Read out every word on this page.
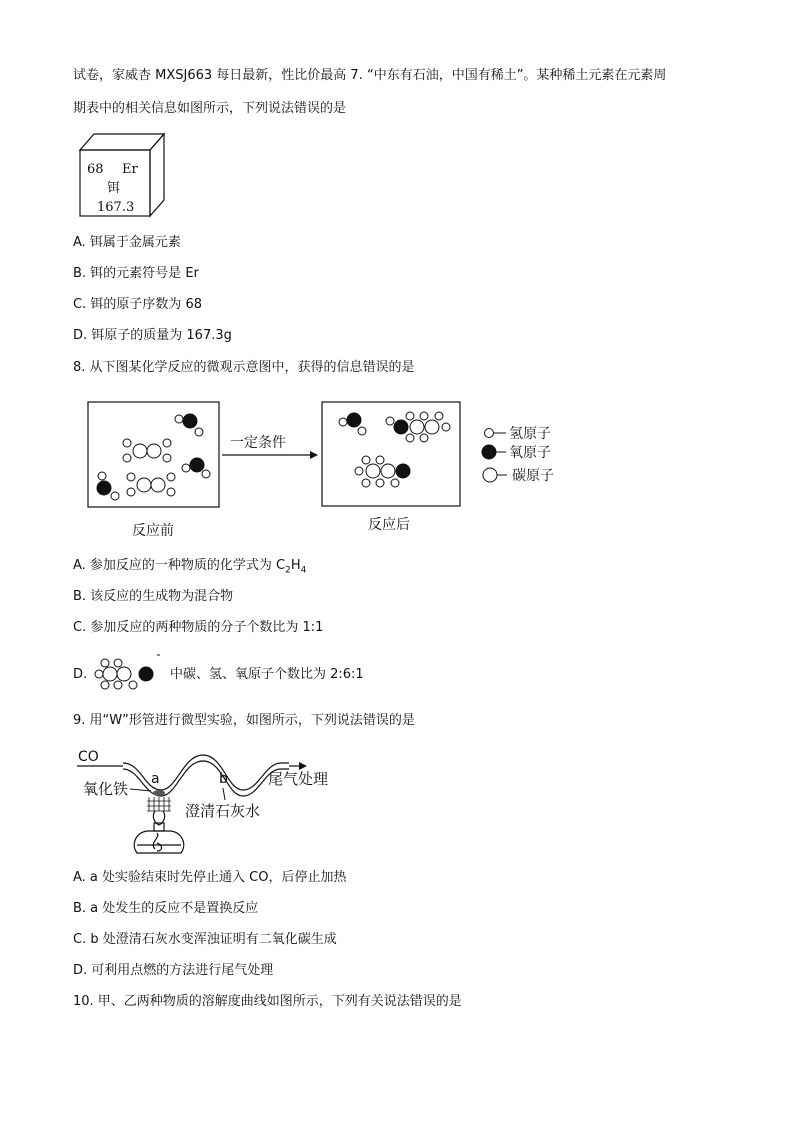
试卷，家威杏 MXSJ663 每日最新，性比价最高 7. “中东有石油，中国有稀土”。某种稀土元素在元素周
期表中的相关信息如图所示，下列说法错误的是
68 Er
铒
167.3
A. 铒属于金属元素
B. 铒的元素符号是 Er
C. 铒的原子序数为 68
D. 铒原子的质量为 167.3g
8. 从下图某化学反应的微观示意图中，获得的信息错误的是
一定条件
反应前	反应后
氢原子
氧原子
碳原子
A. 参加反应的一种物质的化学式为 $C_2H_4$
B. 该反应的生成物为混合物
C. 参加反应的两种物质的分子个数比为 1:1
D.	中碳、氢、氧原子个数比为 2:6:1
9. 用“W”形管进行微型实验，如图所示，下列说法错误的是
CO
a	b	尾气处理
氧化铁
澄清石灰水
A. a 处实验结束时先停止通入 CO，后停止加热
B. a 处发生的反应不是置换反应
C. b 处澄清石灰水变浑浊证明有二氧化碳生成
D. 可利用点燃的方法进行尾气处理
10. 甲、乙两种物质的溶解度曲线如图所示，下列有关说法错误的是
